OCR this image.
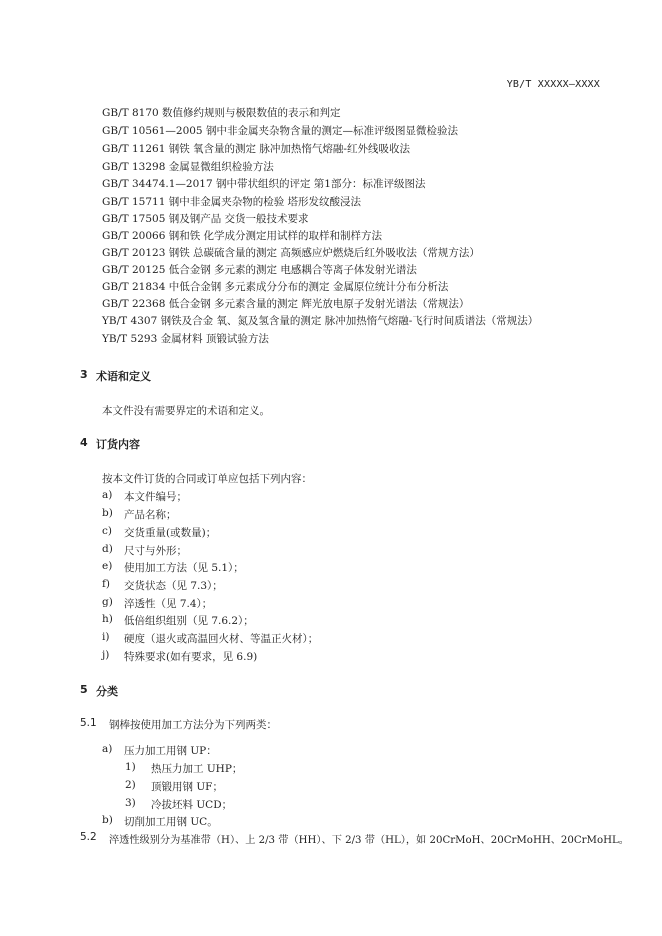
YB/T XXXXX—XXXX
GB/T 8170 数值修约规则与极限数值的表示和判定
GB/T 10561—2005 钢中非金属夹杂物含量的测定—标准评级图显微检验法
GB/T 11261 钢铁 氧含量的测定 脉冲加热惰气熔融-红外线吸收法
GB/T 13298 金属显微组织检验方法
GB/T 34474.1—2017 钢中带状组织的评定 第1部分：标准评级图法
GB/T 15711 钢中非金属夹杂物的检验 塔形发纹酸浸法
GB/T 17505 钢及钢产品 交货一般技术要求
GB/T 20066 钢和铁 化学成分测定用试样的取样和制样方法
GB/T 20123 钢铁 总碳硫含量的测定 高频感应炉燃烧后红外吸收法（常规方法）
GB/T 20125 低合金钢 多元素的测定 电感耦合等离子体发射光谱法
GB/T 21834 中低合金钢 多元素成分分布的测定 金属原位统计分布分析法
GB/T 22368 低合金钢 多元素含量的测定 辉光放电原子发射光谱法（常规法）
YB/T 4307 钢铁及合金 氧、氮及氢含量的测定 脉冲加热惰气熔融-飞行时间质谱法（常规法）
YB/T 5293 金属材料 顶锻试验方法
3 术语和定义
本文件没有需要界定的术语和定义。
4 订货内容
按本文件订货的合同或订单应包括下列内容：
a) 本文件编号；
b) 产品名称；
c) 交货重量(或数量)；
d) 尺寸与外形；
e) 使用加工方法（见 5.1）；
f) 交货状态（见 7.3）；
g) 淬透性（见 7.4）；
h) 低倍组织组别（见 7.6.2）；
i) 硬度（退火或高温回火材、等温正火材）；
j) 特殊要求(如有要求，见 6.9)
5 分类
5.1 钢棒按使用加工方法分为下列两类：
a) 压力加工用钢 UP：
1) 热压力加工 UHP；
2) 顶锻用钢 UF；
3) 冷拔坯料 UCD；
b) 切削加工用钢 UC。
5.2 淬透性级别分为基准带（H）、上 2/3 带（HH）、下 2/3 带（HL），如 20CrMoH、20CrMoHH、20CrMoHL。
